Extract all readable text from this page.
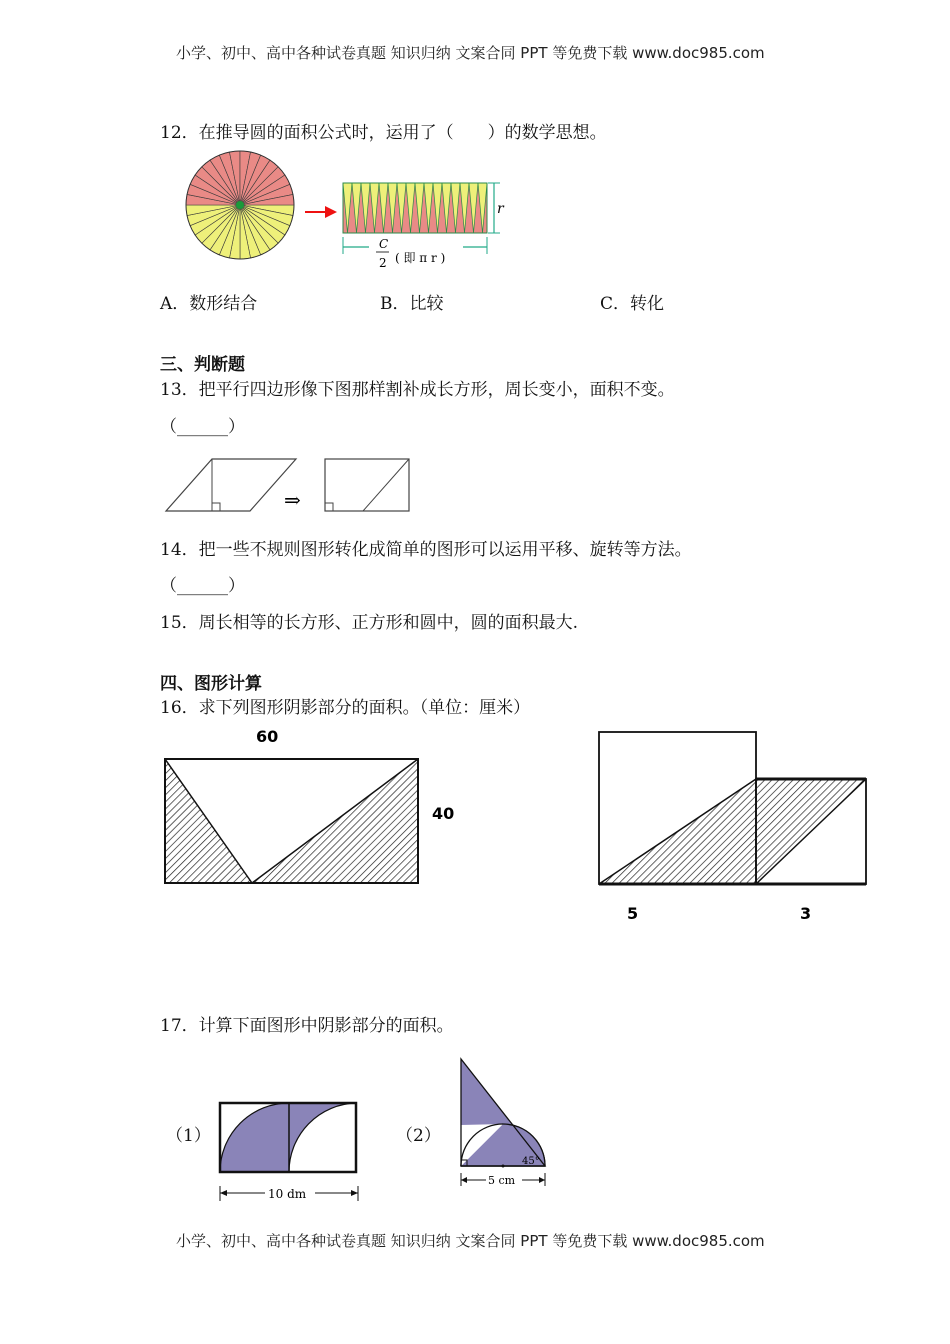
小学、初中、高中各种试卷真题 知识归纳 文案合同 PPT 等免费下载 www.doc985.com
12．在推导圆的面积公式时，运用了（　　）的数学思想。
r
C
2 ( 即 π r )
A．数形结合	B．比较	C．转化
三、判断题
13．把平行四边形像下图那样割补成长方形，周长变小，面积不变。
（______）
⇒
14．把一些不规则图形转化成简单的图形可以运用平移、旋转等方法。
（______）
15．周长相等的长方形、正方形和圆中，圆的面积最大.
四、图形计算
16．求下列图形阴影部分的面积。（单位：厘米）
60
40
5	3
17．计算下面图形中阴影部分的面积。
（1）	（2）
10 dm
45°
5 cm
小学、初中、高中各种试卷真题 知识归纳 文案合同 PPT 等免费下载 www.doc985.com
